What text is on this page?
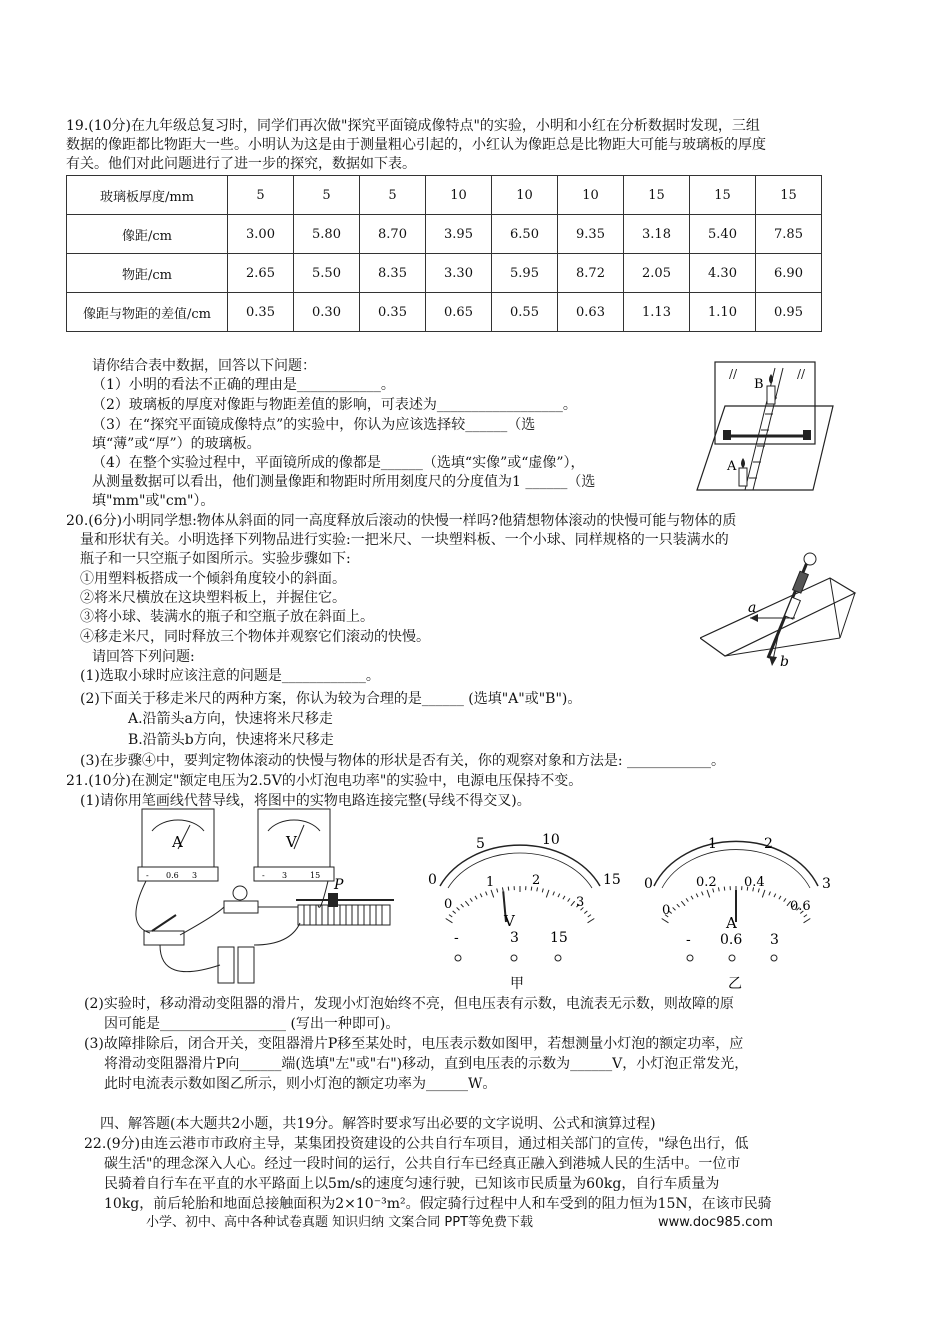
19.(10分)在九年级总复习时，同学们再次做"探究平面镜成像特点"的实验，小明和小红在分析数据时发现，三组
数据的像距都比物距大一些。小明认为这是由于测量粗心引起的，小红认为像距总是比物距大可能与玻璃板的厚度
有关。他们对此问题进行了进一步的探究，数据如下表。
玻璃板厚度/mm	5	5	5	10	10	10	15	15	15
像距/cm	3.00	5.80	8.70	3.95	6.50	9.35	3.18	5.40	7.85
物距/cm	2.65	5.50	8.35	3.30	5.95	8.72	2.05	4.30	6.90
像距与物距的差值/cm	0.35	0.30	0.35	0.65	0.55	0.63	1.13	1.10	0.95
请你结合表中数据，回答以下问题：
（1）小明的看法不正确的理由是____________。
（2）玻璃板的厚度对像距与物距差值的影响，可表述为__________________。
（3）在“探究平面镜成像特点”的实验中，你认为应该选择较______（选
填“薄”或“厚”）的玻璃板。
（4）在整个实验过程中，平面镜所成的像都是______（选填“实像”或“虚像”），
从测量数据可以看出，他们测量像距和物距时所用刻度尺的分度值为1 ______（选
填"mm"或"cm"）。
//	//
A
B
20.(6分)小明同学想:物体从斜面的同一高度释放后滚动的快慢一样吗?他猜想物体滚动的快慢可能与物体的质
量和形状有关。小明选择下列物品进行实验:一把米尺、一块塑料板、一个小球、同样规格的一只装满水的
瓶子和一只空瓶子如图所示。实验步骤如下:
①用塑料板搭成一个倾斜角度较小的斜面。
②将米尺横放在这块塑料板上，并握住它。
③将小球、装满水的瓶子和空瓶子放在斜面上。
④移走米尺，同时释放三个物体并观察它们滚动的快慢。
请回答下列问题:
(1)选取小球时应该注意的问题是____________。
(2)下面关于移走米尺的两种方案，你认为较为合理的是______ (选填"A"或"B")。
A.沿箭头a方向，快速将米尺移走
B.沿箭头b方向，快速将米尺移走
(3)在步骤④中，要判定物体滚动的快慢与物体的形状是否有关，你的观察对象和方法是: ____________。
a
b
21.(10分)在测定"额定电压为2.5V的小灯泡电功率"的实验中，电源电压保持不变。
(1)请你用笔画线代替导线，将图中的实物电路连接完整(导线不得交叉)。
A
- 0.6 3
V
- 3	15
P	0
5	10
15
0
1	2
3
V
-	3 15
甲
0
1	2
3
0
0.2 0.4
0.6
A
- 0.6 3
乙
(2)实验时，移动滑动变阻器的滑片，发现小灯泡始终不亮，但电压表有示数，电流表无示数，则故障的原
因可能是__________________ (写出一种即可)。
(3)故障排除后，闭合开关，变阻器滑片P移至某处时，电压表示数如图甲，若想测量小灯泡的额定功率，应
将滑动变阻器滑片P向______端(选填"左"或"右")移动，直到电压表的示数为______V，小灯泡正常发光，
此时电流表示数如图乙所示，则小灯泡的额定功率为______W。
四、解答题(本大题共2小题，共19分。解答时要求写出必要的文字说明、公式和演算过程)
22.(9分)由连云港市市政府主导，某集团投资建设的公共自行车项目，通过相关部门的宣传，"绿色出行，低
碳生活"的理念深入人心。经过一段时间的运行，公共自行车已经真正融入到港城人民的生活中。一位市
民骑着自行车在平直的水平路面上以5m/s的速度匀速行驶，已知该市民质量为60kg，自行车质量为
10kg，前后轮胎和地面总接触面积为2×10⁻³m²。假定骑行过程中人和车受到的阻力恒为15N，在该市民骑
小学、初中、高中各种试卷真题 知识归纳 文案合同 PPT等免费下载	www.doc985.com
